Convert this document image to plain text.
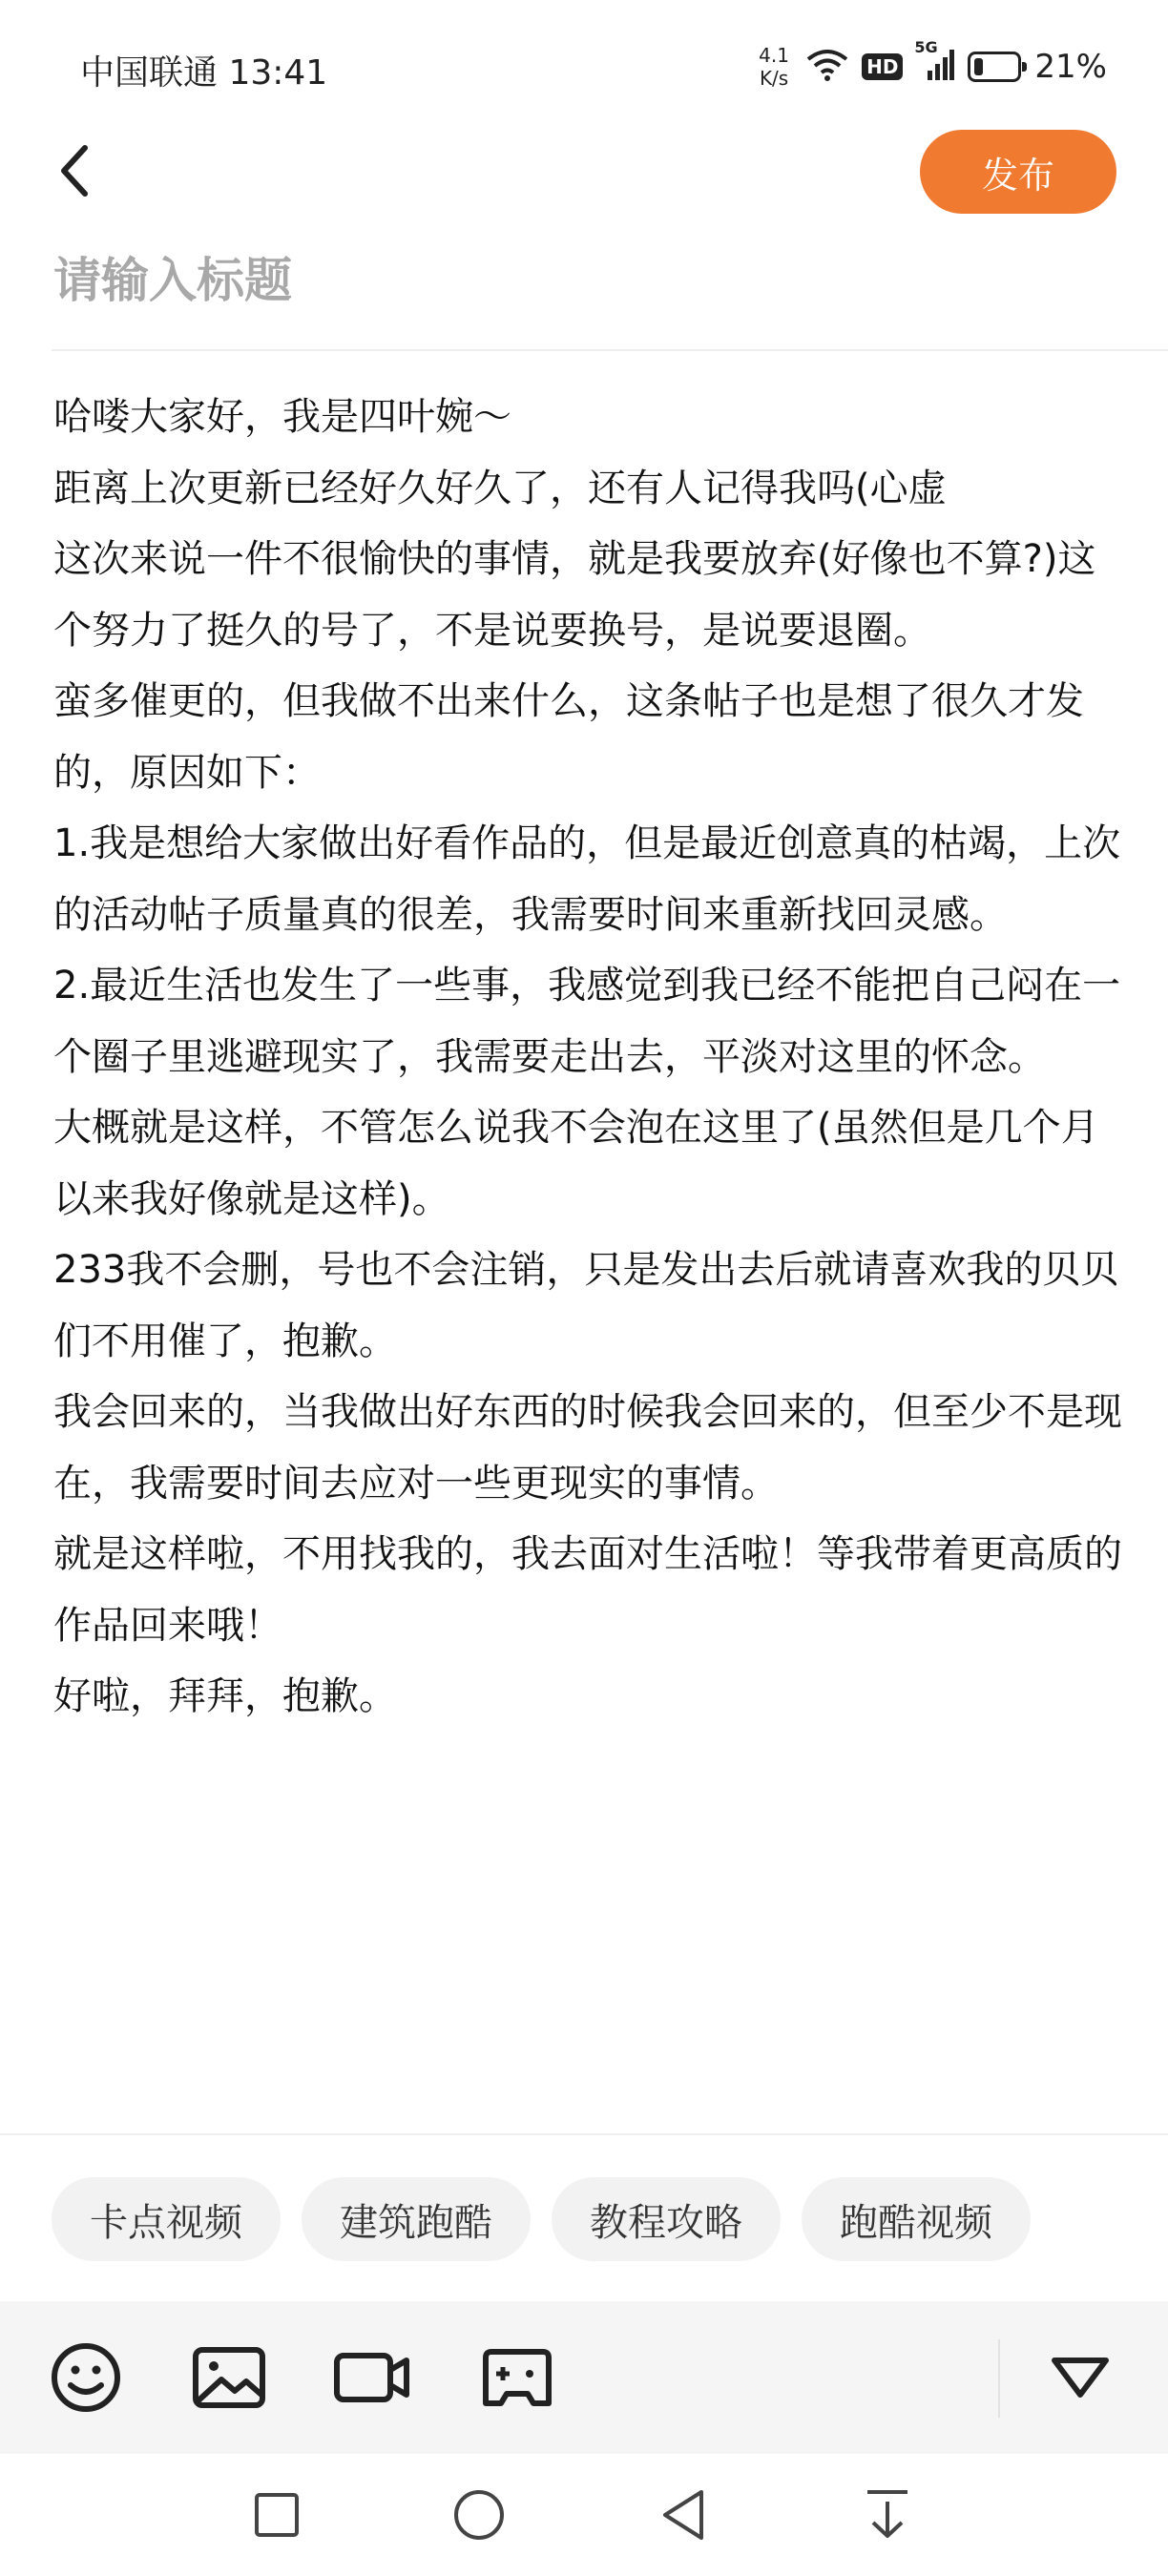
中国联通 13:41	4.1
K/s	HD
5G
21%
发布
请输入标题

哈喽大家好，我是四叶婉～

距离上次更新已经好久好久了，还有人记得我吗(心虚

这次来说一件不很愉快的事情，就是我要放弃(好像也不算?)这个努力了挺久的号了，不是说要换号，是说要退圈。

蛮多催更的，但我做不出来什么，这条帖子也是想了很久才发的，原因如下：

1.我是想给大家做出好看作品的，但是最近创意真的枯竭，上次的活动帖子质量真的很差，我需要时间来重新找回灵感。

2.最近生活也发生了一些事，我感觉到我已经不能把自己闷在一个圈子里逃避现实了，我需要走出去，平淡对这里的怀念。

大概就是这样，不管怎么说我不会泡在这里了(虽然但是几个月以来我好像就是这样)。

233我不会删，号也不会注销，只是发出去后就请喜欢我的贝贝们不用催了，抱歉。

我会回来的，当我做出好东西的时候我会回来的，但至少不是现在，我需要时间去应对一些更现实的事情。

就是这样啦，不用找我的，我去面对生活啦！等我带着更高质的作品回来哦！

好啦，拜拜，抱歉。

卡点视频	建筑跑酷	教程攻略	跑酷视频
